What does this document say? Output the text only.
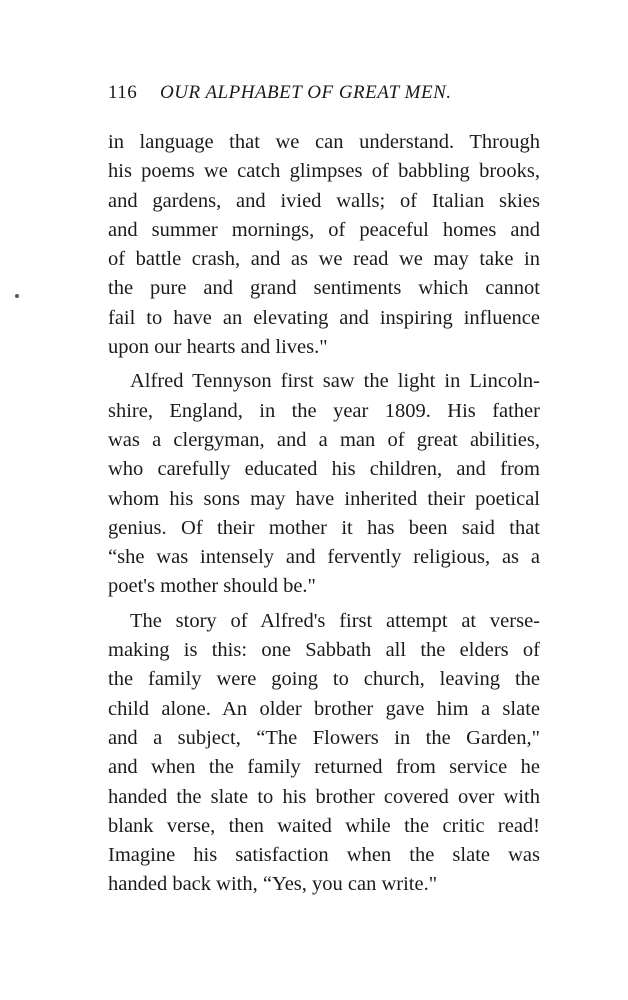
116 OUR ALPHABET OF GREAT MEN.

in language that we can understand. Through
his poems we catch glimpses of babbling brooks,
and gardens, and ivied walls; of Italian skies
and summer mornings, of peaceful homes and
of battle crash, and as we read we may take in
the pure and grand sentiments which cannot
fail to have an elevating and inspiring influence
upon our hearts and lives."

Alfred Tennyson first saw the light in Lincoln-
shire, England, in the year 1809. His father
was a clergyman, and a man of great abilities,
who carefully educated his children, and from
whom his sons may have inherited their poetical
genius. Of their mother it has been said that
“she was intensely and fervently religious, as a
poet's mother should be."

The story of Alfred's first attempt at verse-
making is this: one Sabbath all the elders of
the family were going to church, leaving the
child alone. An older brother gave him a slate
and a subject, “The Flowers in the Garden,"
and when the family returned from service he
handed the slate to his brother covered over with
blank verse, then waited while the critic read!
Imagine his satisfaction when the slate was
handed back with, “Yes, you can write."
